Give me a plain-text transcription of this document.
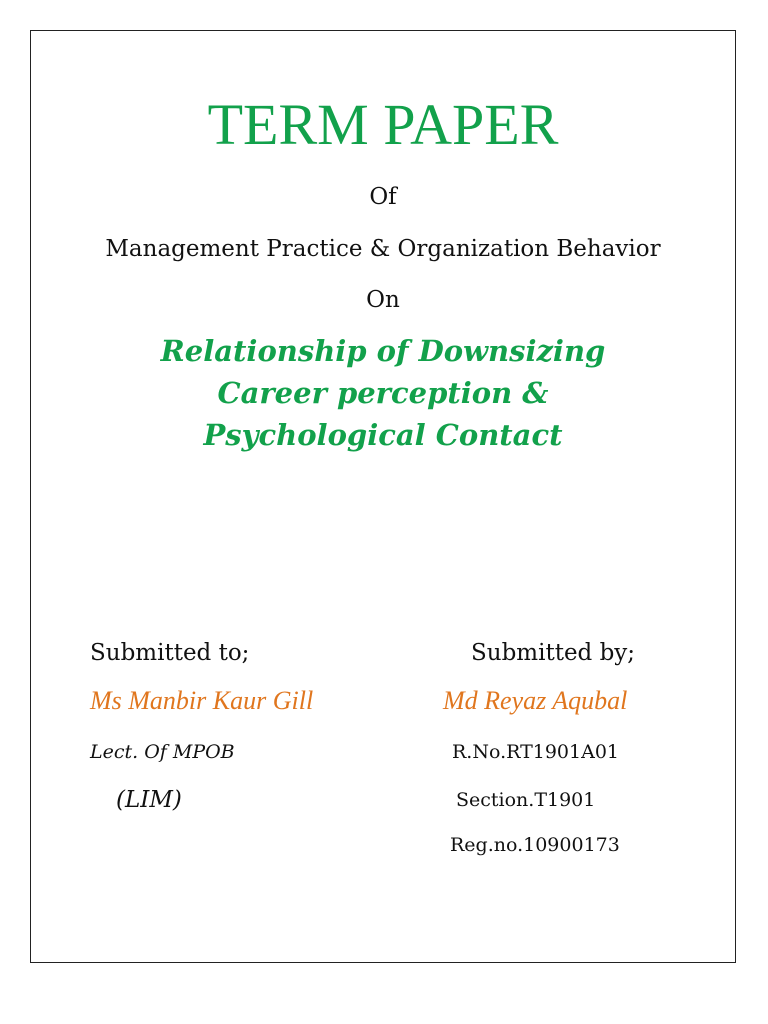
TERM PAPER
Of
Management Practice & Organization Behavior
On
Relationship of Downsizing
Career perception &
Psychological Contact
Submitted to;
Ms Manbir Kaur Gill
Lect. Of MPOB
(LIM)
Submitted by;
Md Reyaz Aqubal
R.No.RT1901A01
Section.T1901
Reg.no.10900173
